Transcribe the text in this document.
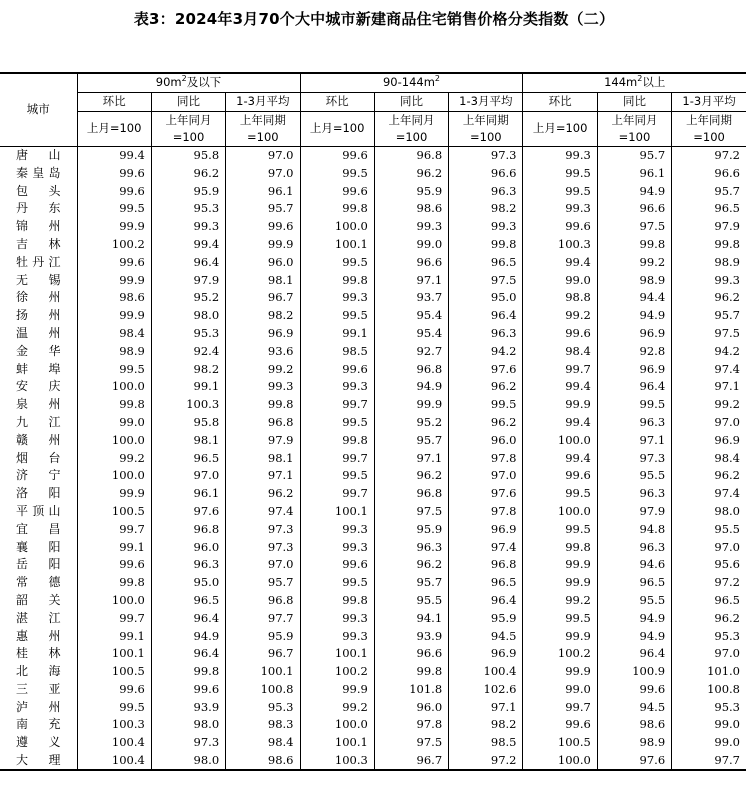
表3：2024年3月70个大中城市新建商品住宅销售价格分类指数（二）
城市	$90m^2$及以下			$90-144m^2$			$144m^2$以上		
	环比	同比	1-3月平均	环比	同比	1-3月平均	环比	同比	1-3月平均
	上月=100	上年同月=100	上年同期=100	上月=100	上年同月=100	上年同期=100	上月=100	上年同月=100	上年同期=100
唐山	99.4	95.8	97.0	99.6	96.8	97.3	99.3	95.7	97.2
秦皇岛	99.6	96.2	97.0	99.5	96.2	96.6	99.5	96.1	96.6
包头	99.6	95.9	96.1	99.6	95.9	96.3	99.5	94.9	95.7
丹东	99.5	95.3	95.7	99.8	98.6	98.2	99.3	96.6	96.5
锦州	99.9	99.3	99.6	100.0	99.3	99.3	99.6	97.5	97.9
吉林	100.2	99.4	99.9	100.1	99.0	99.8	100.3	99.8	99.8
牡丹江	99.6	96.4	96.0	99.5	96.6	96.5	99.4	99.2	98.9
无锡	99.9	97.9	98.1	99.8	97.1	97.5	99.0	98.9	99.3
徐州	98.6	95.2	96.7	99.3	93.7	95.0	98.8	94.4	96.2
扬州	99.9	98.0	98.2	99.5	95.4	96.4	99.2	94.9	95.7
温州	98.4	95.3	96.9	99.1	95.4	96.3	99.6	96.9	97.5
金华	98.9	92.4	93.6	98.5	92.7	94.2	98.4	92.8	94.2
蚌埠	99.5	98.2	99.2	99.6	96.8	97.6	99.7	96.9	97.4
安庆	100.0	99.1	99.3	99.3	94.9	96.2	99.4	96.4	97.1
泉州	99.8	100.3	99.8	99.7	99.9	99.5	99.9	99.5	99.2
九江	99.0	95.8	96.8	99.5	95.2	96.2	99.4	96.3	97.0
赣州	100.0	98.1	97.9	99.8	95.7	96.0	100.0	97.1	96.9
烟台	99.2	96.5	98.1	99.7	97.1	97.8	99.4	97.3	98.4
济宁	100.0	97.0	97.1	99.5	96.2	97.0	99.6	95.5	96.2
洛阳	99.9	96.1	96.2	99.7	96.8	97.6	99.5	96.3	97.4
平顶山	100.5	97.6	97.4	100.1	97.5	97.8	100.0	97.9	98.0
宜昌	99.7	96.8	97.3	99.3	95.9	96.9	99.5	94.8	95.5
襄阳	99.1	96.0	97.3	99.3	96.3	97.4	99.8	96.3	97.0
岳阳	99.6	96.3	97.0	99.6	96.2	96.8	99.9	94.6	95.6
常德	99.8	95.0	95.7	99.5	95.7	96.5	99.9	96.5	97.2
韶关	100.0	96.5	96.8	99.8	95.5	96.4	99.2	95.5	96.5
湛江	99.7	96.4	97.7	99.3	94.1	95.9	99.5	94.9	96.2
惠州	99.1	94.9	95.9	99.3	93.9	94.5	99.9	94.9	95.3
桂林	100.1	96.4	96.7	100.1	96.6	96.9	100.2	96.4	97.0
北海	100.5	99.8	100.1	100.2	99.8	100.4	99.9	100.9	101.0
三亚	99.6	99.6	100.8	99.9	101.8	102.6	99.0	99.6	100.8
泸州	99.5	93.9	95.3	99.2	96.0	97.1	99.7	94.5	95.3
南充	100.3	98.0	98.3	100.0	97.8	98.2	99.6	98.6	99.0
遵义	100.4	97.3	98.4	100.1	97.5	98.5	100.5	98.9	99.0
大理	100.4	98.0	98.6	100.3	96.7	97.2	100.0	97.6	97.7
